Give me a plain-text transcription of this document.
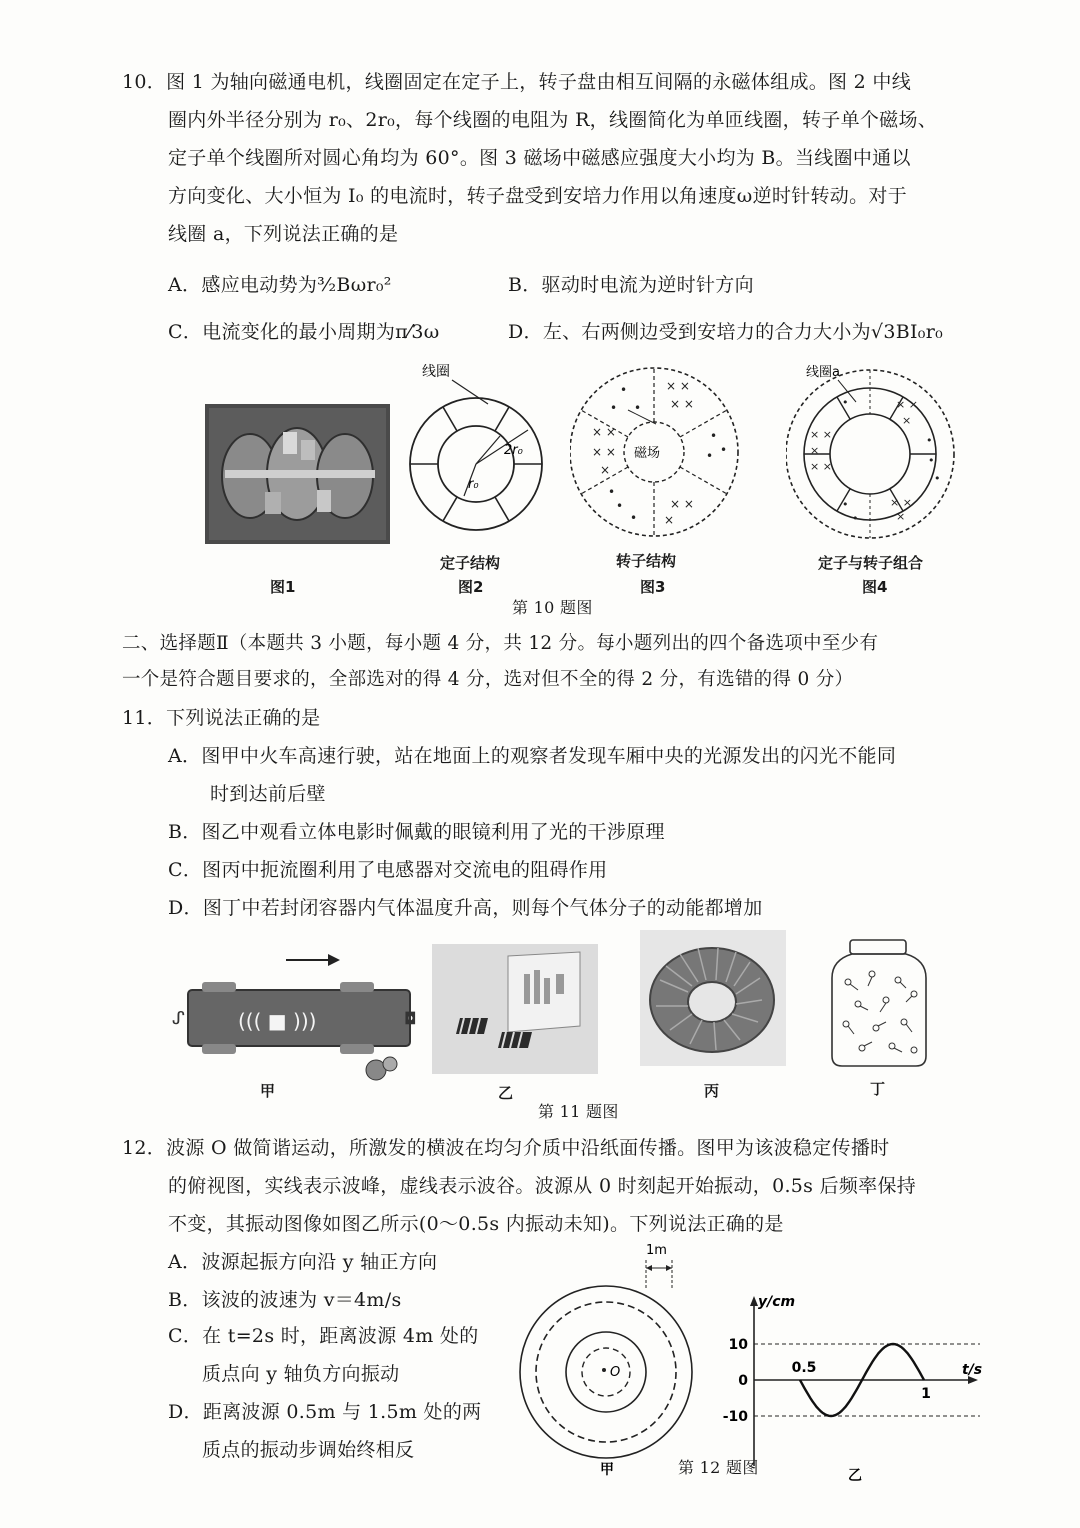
10．图 1 为轴向磁通电机，线圈固定在定子上，转子盘由相互间隔的永磁体组成。图 2 中线
圈内外半径分别为 r₀、2r₀，每个线圈的电阻为 R，线圈简化为单匝线圈，转子单个磁场、
定子单个线圈所对圆心角均为 60°。图 3 磁场中磁感应强度大小均为 B。当线圈中通以
方向变化、大小恒为 I₀ 的电流时，转子盘受到安培力作用以角速度ω逆时针转动。对于
线圈 a，下列说法正确的是
A．感应电动势为³⁄₂Bωr₀²	B．驱动时电流为逆时针方向
C．电流变化的最小周期为π⁄3ω	D．左、右两侧边受到安培力的合力大小为√3BI₀r₀
线圈
2r₀
r₀
× ×
× ×
× ×
×
× ×
× ×
×
•
•
•
•
• •
•
•
•
磁场
线圈a
× ×
×
× ×
×
× ×
× ×
×
•
•
•
•
•
•
定子结构	转子结构	定子与转子组合
图1	图2	图3	图4
第 10 题图
二、选择题Ⅱ（本题共 3 小题，每小题 4 分，共 12 分。每小题列出的四个备选项中至少有
一个是符合题目要求的，全部选对的得 4 分，选对但不全的得 2 分，有选错的得 0 分）
11．下列说法正确的是
A．图甲中火车高速行驶，站在地面上的观察者发现车厢中央的光源发出的闪光不能同
时到达前后壁
B．图乙中观看立体电影时佩戴的眼镜利用了光的干涉原理
C．图丙中扼流圈利用了电感器对交流电的阻碍作用
D．图丁中若封闭容器内气体温度升高，则每个气体分子的动能都增加
ᔑ	◘
((( ■ )))
甲	乙	丙	丁
第 11 题图
12．波源 O 做简谐运动，所激发的横波在均匀介质中沿纸面传播。图甲为该波稳定传播时
的俯视图，实线表示波峰，虚线表示波谷。波源从 0 时刻起开始振动，0.5s 后频率保持
不变，其振动图像如图乙所示(0～0.5s 内振动未知)。下列说法正确的是
A．波源起振方向沿 y 轴正方向
B．该波的波速为 v＝4m/s
C．在 t=2s 时，距离波源 4m 处的
质点向 y 轴负方向振动
D．距离波源 0.5m 与 1.5m 处的两
质点的振动步调始终相反
1m
O
甲	第 12 题图
y/cm
t/s
10
0
-10
0.5
1
乙
